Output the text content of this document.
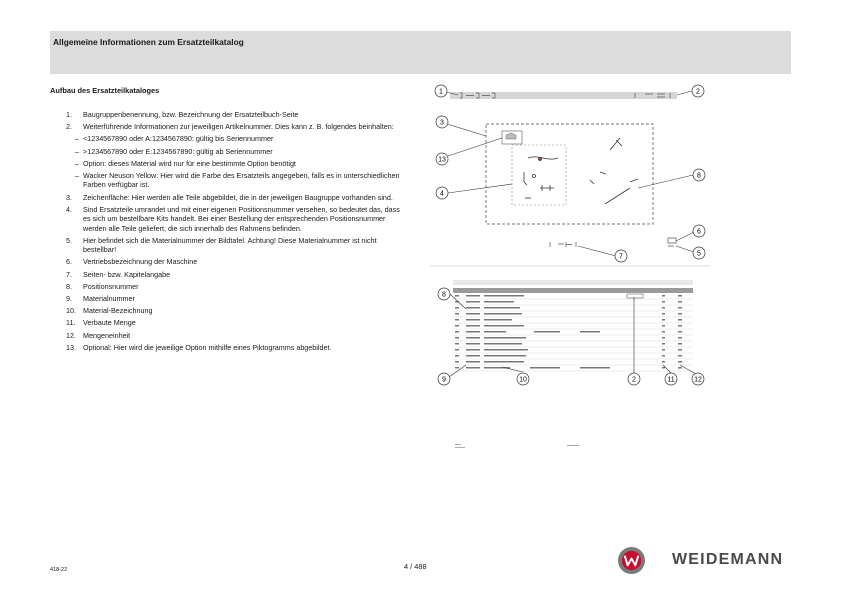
Allgemeine Informationen zum Ersatzteilkatalog
Aufbau des Ersatzteilkataloges
1. Baugruppenbenennung, bzw. Bezeichnung der Ersatzteilbuch-Seite
2. Weiterführende Informationen zur jeweiligen Artikelnummer. Dies kann z. B. folgendes beinhalten:
– <1234567890 oder A:1234567890: gültig bis Seriennummer
– >1234567890 oder E:1234567890: gültig ab Seriennummer
– Option: dieses Material wird nur für eine bestimmte Option benötigt
– Wacker Neuson Yellow: Hier wird die Farbe des Ersatzteils angegeben, falls es in unterschiedlichen Farben verfügbar ist.
3. Zeichenfläche: Hier werden alle Teile abgebildet, die in der jeweiligen Baugruppe vorhanden sind.
4. Sind Ersatzteile umrandet und mit einer eigenen Positionsnummer versehen, so bedeutet das, dass es sich um bestellbare Kits handelt. Bei einer Bestellung der entsprechenden Positionsnummer werden alle Teile geliefert, die sich innerhalb des Rahmens befinden.
5. Hier befindet sich die Materialnummer der Bildtafel. Achtung! Diese Materialnummer ist nicht bestellbar!
6. Vertriebsbezeichnung der Maschine
7. Seiten- bzw. Kapitelangabe
8. Positionsnummer
9. Materialnummer
10. Material-Bezeichnung
11. Verbaute Menge
12. Mengeneinheit
13. Optional: Hier wird die jeweilige Option mithilfe eines Piktogramms abgebildet.
1	2
3
13
4
8
6
5
7
8
9	10	2	11	12
418-22	4 / 488	WEIDEMANN
